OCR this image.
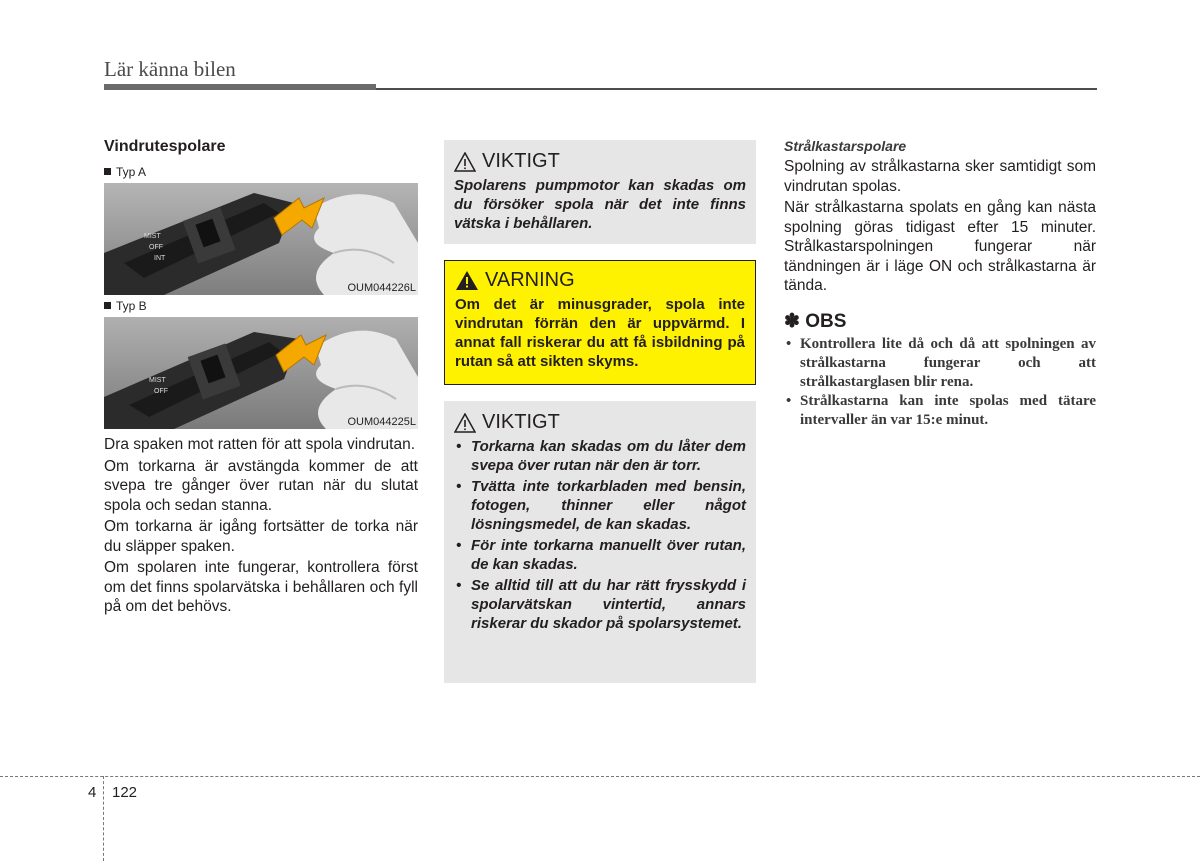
Lär känna bilen
Vindrutespolare
Typ A
MIST
OFF
INT
OUM044226L
Typ B
MIST
OFF
OUM044225L

Dra spaken mot ratten för att spola vindrutan.

Om torkarna är avstängda kommer de att svepa tre gånger över rutan när du slutat spola och sedan stanna.

Om torkarna är igång fortsätter de torka när du släpper spaken.

Om spolaren inte fungerar, kontrollera först om det finns spolarvätska i behållaren och fyll på om det behövs.

VIKTIGT

Spolarens pumpmotor kan skadas om du försöker spola när det inte finns vätska i behållaren.

VARNING

Om det är minusgrader, spola inte vindrutan förrän den är uppvärmd. I annat fall riskerar du att få isbildning på rutan så att sikten skyms.

VIKTIGT
• Torkarna kan skadas om du låter dem svepa över rutan när den är torr.
• Tvätta inte torkarbladen med bensin, fotogen, thinner eller något lösningsmedel, de kan skadas.
• För inte torkarna manuellt över rutan, de kan skadas.
• Se alltid till att du har rätt frysskydd i spolarvätskan vintertid, annars riskerar du skador på spolarsystemet.

Strålkastarspolare

Spolning av strålkastarna sker samtidigt som vindrutan spolas.

När strålkastarna spolats en gång kan nästa spolning göras tidigast efter 15 minuter. Strålkastarspolningen fungerar när tändningen är i läge ON och strålkastarna är tända.

✽ OBS
• Kontrollera lite då och då att spolningen av strålkastarna fungerar och att strålkastarglasen blir rena.
• Strålkastarna kan inte spolas med tätare intervaller än var 15:e minut.
4 122
